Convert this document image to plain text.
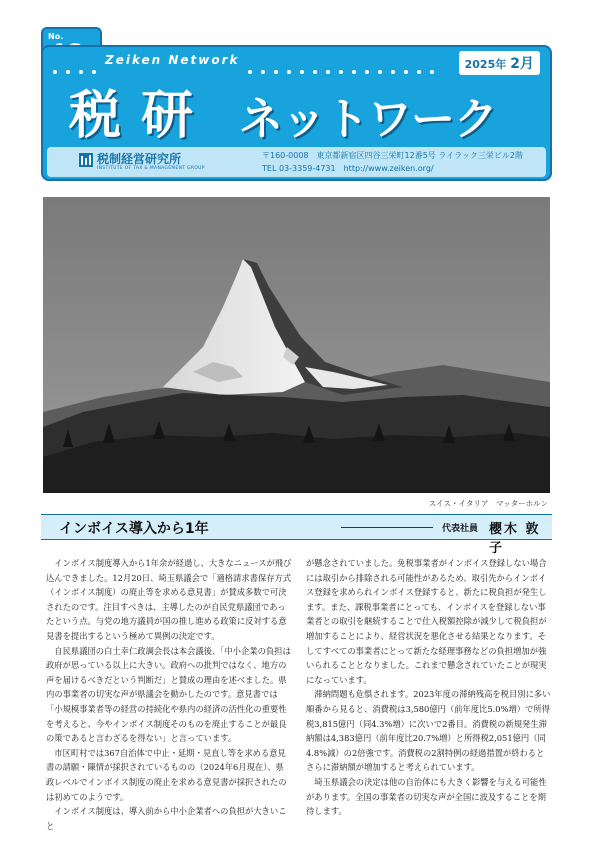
No.
Zeiken Network	2025年 2月
税 研 ネットワーク
税制経営研究所
INSTITUTE OF TAX & MANAGEMENT GROUP
〒160-0008　東京都新宿区四谷三栄町12番5号 ライラック三栄ビル2階
TEL 03-3359-4731　http://www.zeiken.org/
スイス・イタリア　マッターホルン
インボイス導入から1年	代表社員 櫻木 敦子

インボイス制度導入から1年余が経過し、大きなニュースが飛び込んできました。12月20日、埼玉県議会で「適格請求書保存方式（インボイス制度）の廃止等を求める意見書」が賛成多数で可決されたのです。注目すべきは、主導したのが自民党県議団であったという点。与党の地方議員が国の推し進める政策に反対する意見書を提出するという極めて異例の決定です。

自民県議団の白土幸仁政調会長は本会議後、「中小企業の負担は政府が思っている以上に大きい。政府への批判ではなく、地方の声を届けるべきだという判断だ」と賛成の理由を述べました。県内の事業者の切実な声が県議会を動かしたのです。意見書では「小規模事業者等の経営の持続化や県内の経済の活性化の重要性を考えると、今やインボイス制度そのものを廃止することが最良の策であると言わざるを得ない」と言っています。

市区町村では367自治体で中止・延期・見直し等を求める意見書の請願・陳情が採択されているものの（2024年6月現在）、県政レベルでインボイス制度の廃止を求める意見書が採択されたのは初めてのようです。

インボイス制度は、導入前から中小企業者への負担が大きいこと

が懸念されていました。免税事業者がインボイス登録しない場合には取引から排除される可能性があるため、取引先からインボイス登録を求められインボイス登録すると、新たに税負担が発生します。また、課税事業者にとっても、インボイスを登録しない事業者との取引を継続することで仕入税額控除が減少して税負担が増加することにより、経営状況を悪化させる結果となります。そしてすべての事業者にとって新たな経理事務などの負担増加が強いられることとなりました。これまで懸念されていたことが現実になっています。

滞納問題も危惧されます。2023年度の滞納残高を税目別に多い順番から見ると、消費税は3,580億円（前年度比5.0%増）で所得税3,815億円（同4.3%増）に次いで2番目。消費税の新規発生滞納額は4,383億円（前年度比20.7%増）と所得税2,051億円（同4.8%減）の2倍強です。消費税の2割特例の経過措置が終わるとさらに滞納額が増加すると考えられています。

埼玉県議会の決定は他の自治体にも大きく影響を与える可能性があります。全国の事業者の切実な声が全国に波及することを期待します。
